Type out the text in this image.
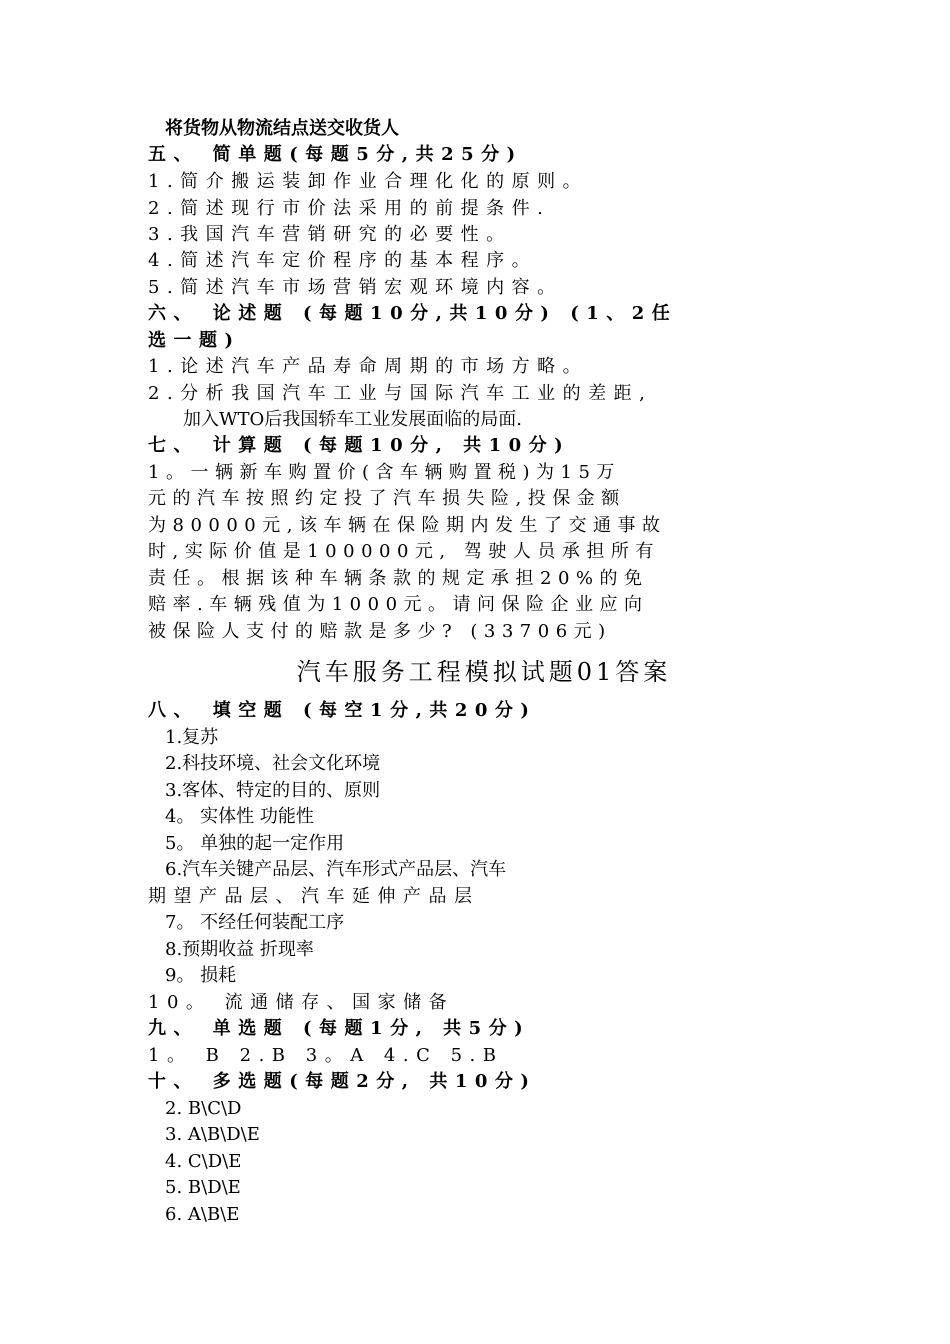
将货物从物流结点送交收货人
五、 简单题(每题5分,共25分)
1.简介搬运装卸作业合理化化的原则。
2.简述现行市价法采用的前提条件.
3.我国汽车营销研究的必要性。
4.简述汽车定价程序的基本程序。
5.简述汽车市场营销宏观环境内容。
六、 论述题 (每题10分,共10分) (1、2任
选一题)
1.论述汽车产品寿命周期的市场方略。
2.分析我国汽车工业与国际汽车工业的差距,
加入WTO后我国轿车工业发展面临的局面.
七、 计算题 (每题10分, 共10分)
1。一辆新车购置价(含车辆购置税)为15万
元的汽车按照约定投了汽车损失险,投保金额
为80000元,该车辆在保险期内发生了交通事故
时,实际价值是100000元, 驾驶人员承担所有
责任。根据该种车辆条款的规定承担20%的免
赔率.车辆残值为1000元。请问保险企业应向
被保险人支付的赔款是多少? (33706元)
汽车服务工程模拟试题01答案
八、 填空题 (每空1分,共20分)
1.复苏
2.科技环境、社会文化环境
3.客体、特定的目的、原则
4。 实体性 功能性
5。 单独的起一定作用
6.汽车关键产品层、汽车形式产品层、汽车
期望产品层、汽车延伸产品层
7。 不经任何装配工序
8.预期收益 折现率
9。 损耗
10。 流通储存、国家储备
九、 单选题 (每题1分, 共5分)
1。 B 2.B 3。A 4.C 5.B
十、 多选题(每题2分, 共10分)
2. B\C\D
3. A\B\D\E
4. C\D\E
5. B\D\E
6. A\B\E
